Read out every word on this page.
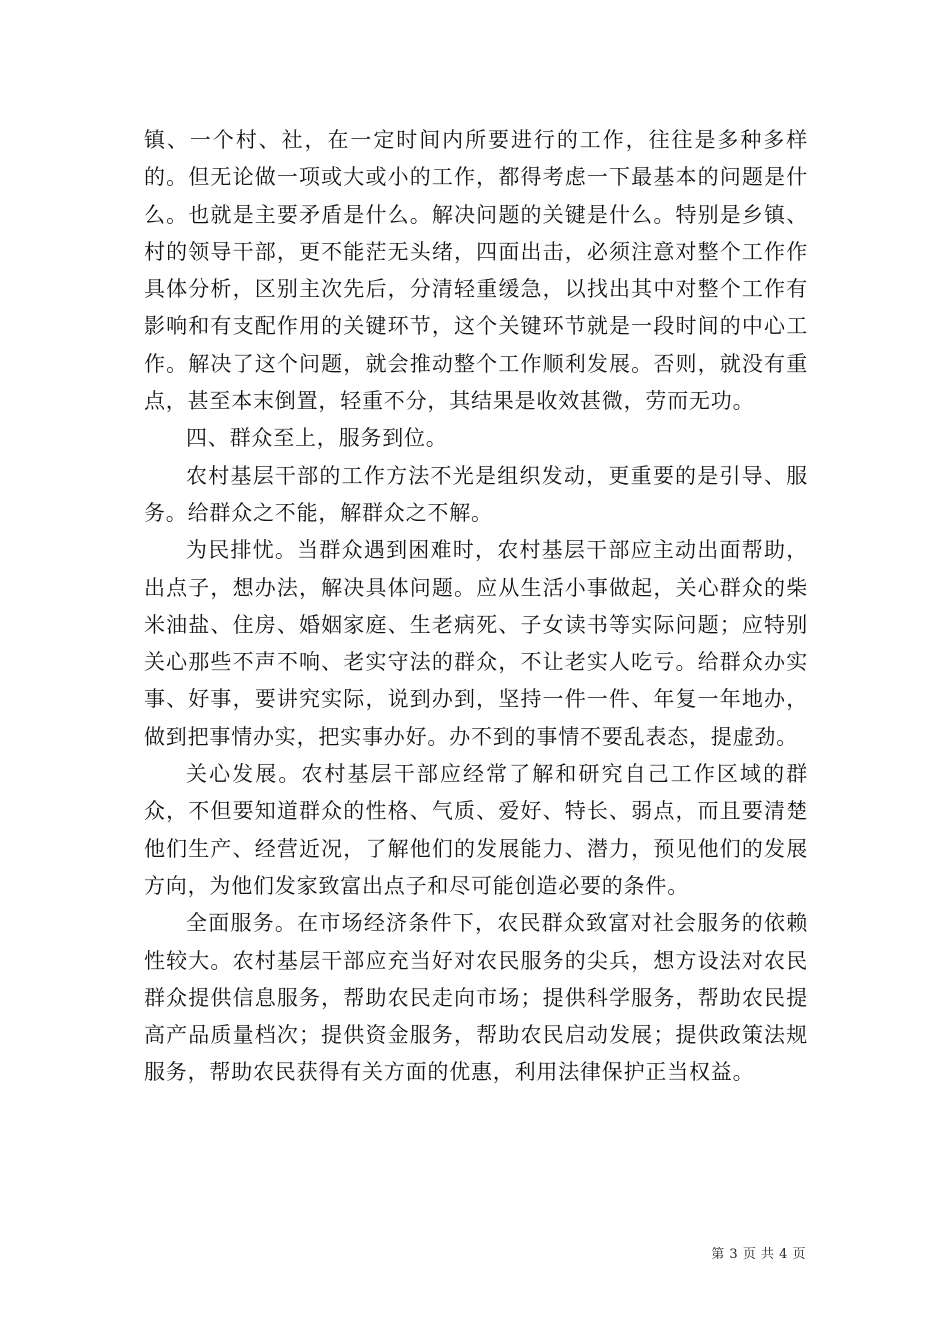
镇、一个村、社，在一定时间内所要进行的工作，往往是多种多样的。但无论做一项或大或小的工作，都得考虑一下最基本的问题是什么。也就是主要矛盾是什么。解决问题的关键是什么。特别是乡镇、村的领导干部，更不能茫无头绪，四面出击，必须注意对整个工作作具体分析，区别主次先后，分清轻重缓急，以找出其中对整个工作有影响和有支配作用的关键环节，这个关键环节就是一段时间的中心工作。解决了这个问题，就会推动整个工作顺利发展。否则，就没有重点，甚至本末倒置，轻重不分，其结果是收效甚微，劳而无功。

四、群众至上，服务到位。

农村基层干部的工作方法不光是组织发动，更重要的是引导、服务。给群众之不能，解群众之不解。

为民排忧。当群众遇到困难时，农村基层干部应主动出面帮助，出点子，想办法，解决具体问题。应从生活小事做起，关心群众的柴米油盐、住房、婚姻家庭、生老病死、子女读书等实际问题；应特别关心那些不声不响、老实守法的群众，不让老实人吃亏。给群众办实事、好事，要讲究实际，说到办到，坚持一件一件、年复一年地办，做到把事情办实，把实事办好。办不到的事情不要乱表态，提虚劲。

关心发展。农村基层干部应经常了解和研究自己工作区域的群众，不但要知道群众的性格、气质、爱好、特长、弱点，而且要清楚他们生产、经营近况，了解他们的发展能力、潜力，预见他们的发展方向，为他们发家致富出点子和尽可能创造必要的条件。

全面服务。在市场经济条件下，农民群众致富对社会服务的依赖性较大。农村基层干部应充当好对农民服务的尖兵，想方设法对农民群众提供信息服务，帮助农民走向市场；提供科学服务，帮助农民提高产品质量档次；提供资金服务，帮助农民启动发展；提供政策法规服务，帮助农民获得有关方面的优惠，利用法律保护正当权益。

第 3 页 共 4 页
